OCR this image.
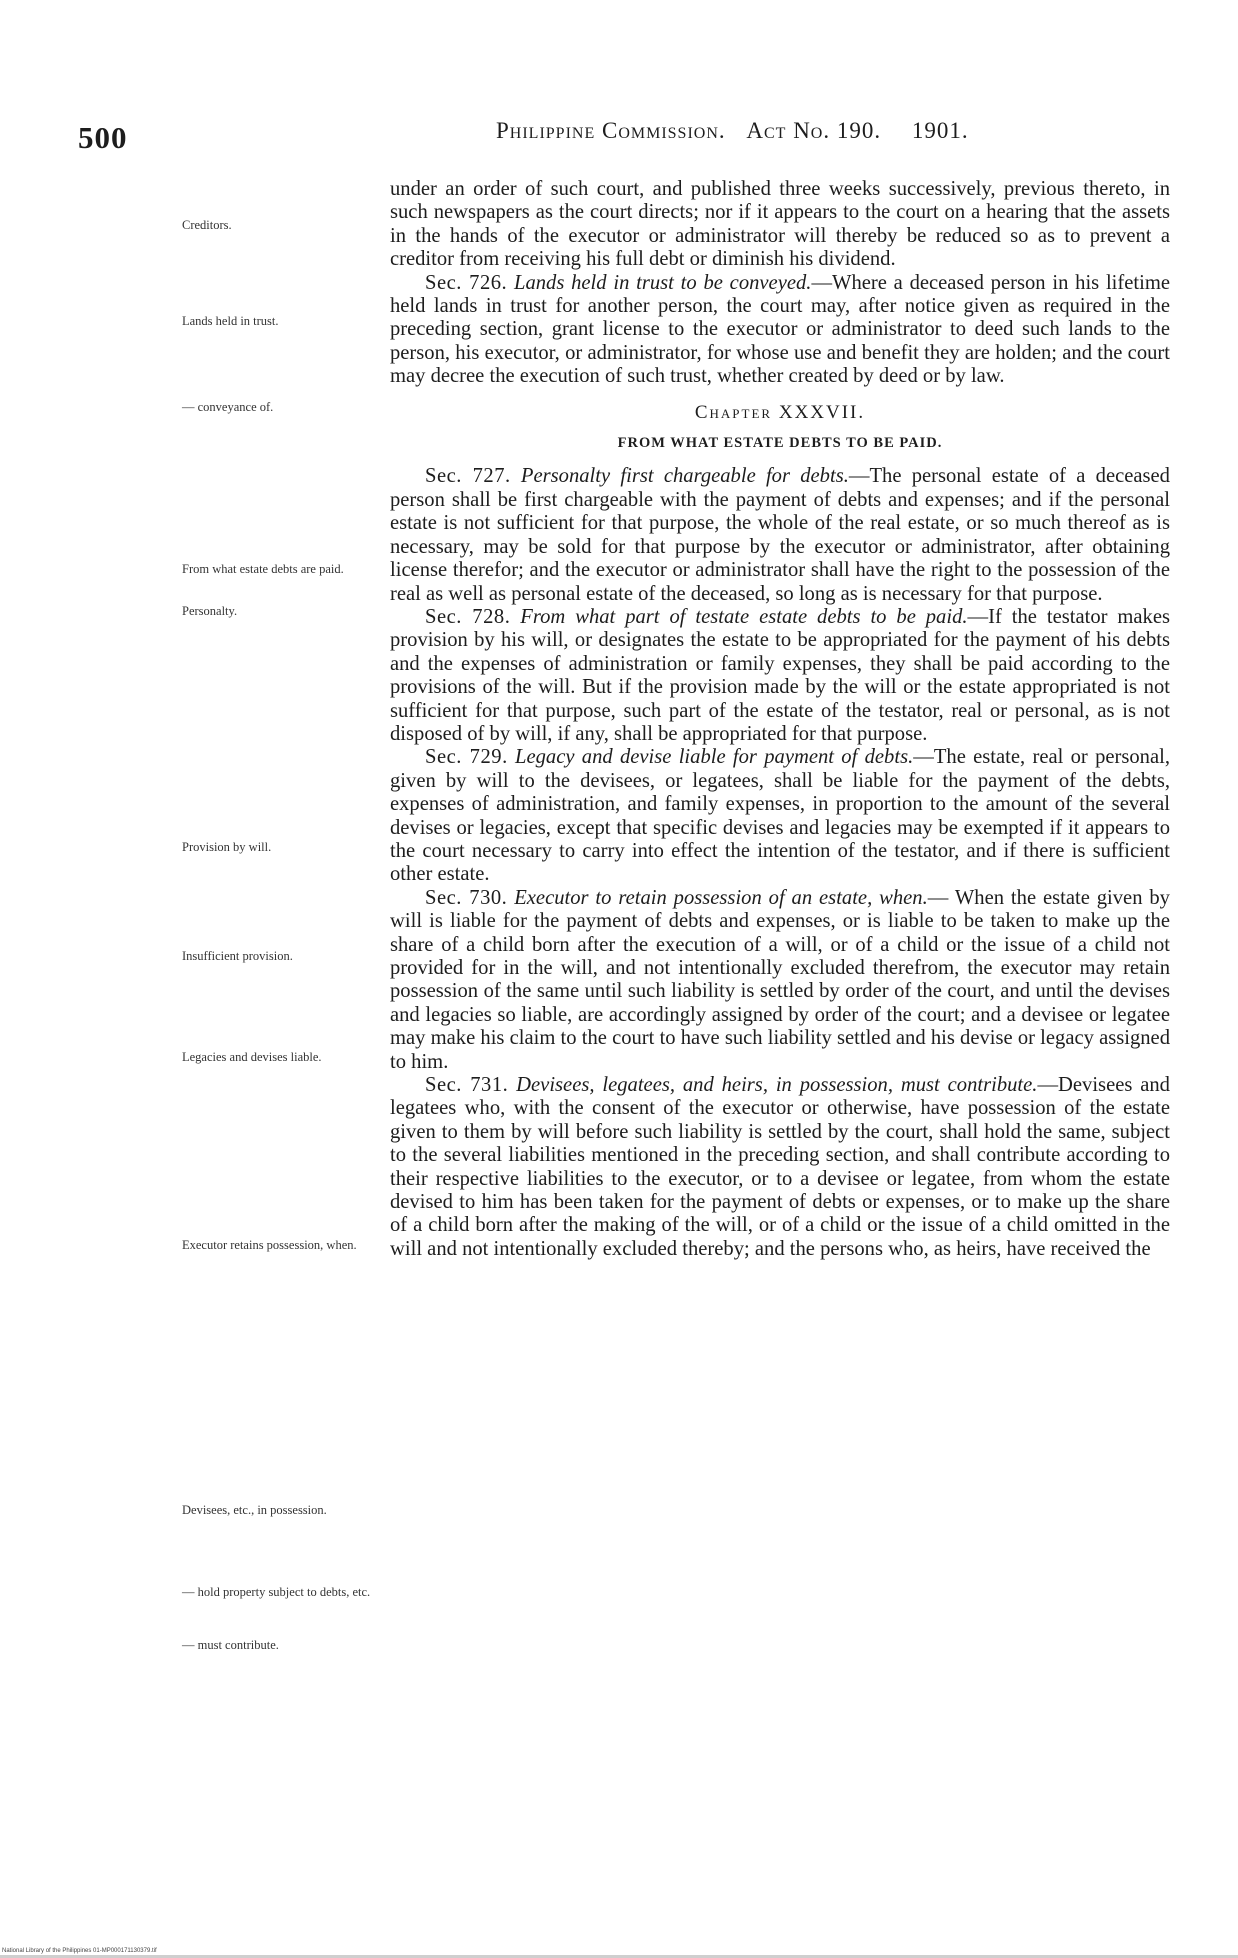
500	Philippine Commission. Act No. 190. 1901.
Creditors.
Lands held in trust.
— conveyance of.
From what estate debts are paid.
Personalty.
Provision by will.
Insufficient provision.
Legacies and devises liable.
Executor retains possession, when.
Devisees, etc., in possession.
— hold property subject to debts, etc.
— must contribute.

under an order of such court, and published three weeks successively, previous thereto, in such newspapers as the court directs; nor if it appears to the court on a hearing that the assets in the hands of the executor or administrator will thereby be reduced so as to prevent a creditor from receiving his full debt or diminish his dividend.

Sec. 726. Lands held in trust to be conveyed.—Where a deceased person in his lifetime held lands in trust for another person, the court may, after notice given as required in the preceding section, grant license to the executor or administrator to deed such lands to the person, his executor, or administrator, for whose use and benefit they are holden; and the court may decree the execution of such trust, whether created by deed or by law.

Chapter XXXVII.
FROM WHAT ESTATE DEBTS TO BE PAID.

Sec. 727. Personalty first chargeable for debts.—The personal estate of a deceased person shall be first chargeable with the payment of debts and expenses; and if the personal estate is not sufficient for that purpose, the whole of the real estate, or so much thereof as is necessary, may be sold for that purpose by the executor or administrator, after obtaining license therefor; and the executor or administrator shall have the right to the possession of the real as well as personal estate of the deceased, so long as is necessary for that purpose.

Sec. 728. From what part of testate estate debts to be paid.—If the testator makes provision by his will, or designates the estate to be appropriated for the payment of his debts and the expenses of administration or family expenses, they shall be paid according to the provisions of the will. But if the provision made by the will or the estate appropriated is not sufficient for that purpose, such part of the estate of the testator, real or personal, as is not disposed of by will, if any, shall be appropriated for that purpose.

Sec. 729. Legacy and devise liable for payment of debts.—The estate, real or personal, given by will to the devisees, or legatees, shall be liable for the payment of the debts, expenses of administration, and family expenses, in proportion to the amount of the several devises or legacies, except that specific devises and legacies may be exempted if it appears to the court necessary to carry into effect the intention of the testator, and if there is sufficient other estate.

Sec. 730. Executor to retain possession of an estate, when.— When the estate given by will is liable for the payment of debts and expenses, or is liable to be taken to make up the share of a child born after the execution of a will, or of a child or the issue of a child not provided for in the will, and not intentionally excluded therefrom, the executor may retain possession of the same until such liability is settled by order of the court, and until the devises and legacies so liable, are accordingly assigned by order of the court; and a devisee or legatee may make his claim to the court to have such liability settled and his devise or legacy assigned to him.

Sec. 731. Devisees, legatees, and heirs, in possession, must contribute.—Devisees and legatees who, with the consent of the executor or otherwise, have possession of the estate given to them by will before such liability is settled by the court, shall hold the same, subject to the several liabilities mentioned in the preceding section, and shall contribute according to their respective liabilities to the executor, or to a devisee or legatee, from whom the estate devised to him has been taken for the payment of debts or expenses, or to make up the share of a child born after the making of the will, or of a child or the issue of a child omitted in the will and not intentionally excluded thereby; and the persons who, as heirs, have received the

National Library of the Philippines 01-MP000171130379.tif
